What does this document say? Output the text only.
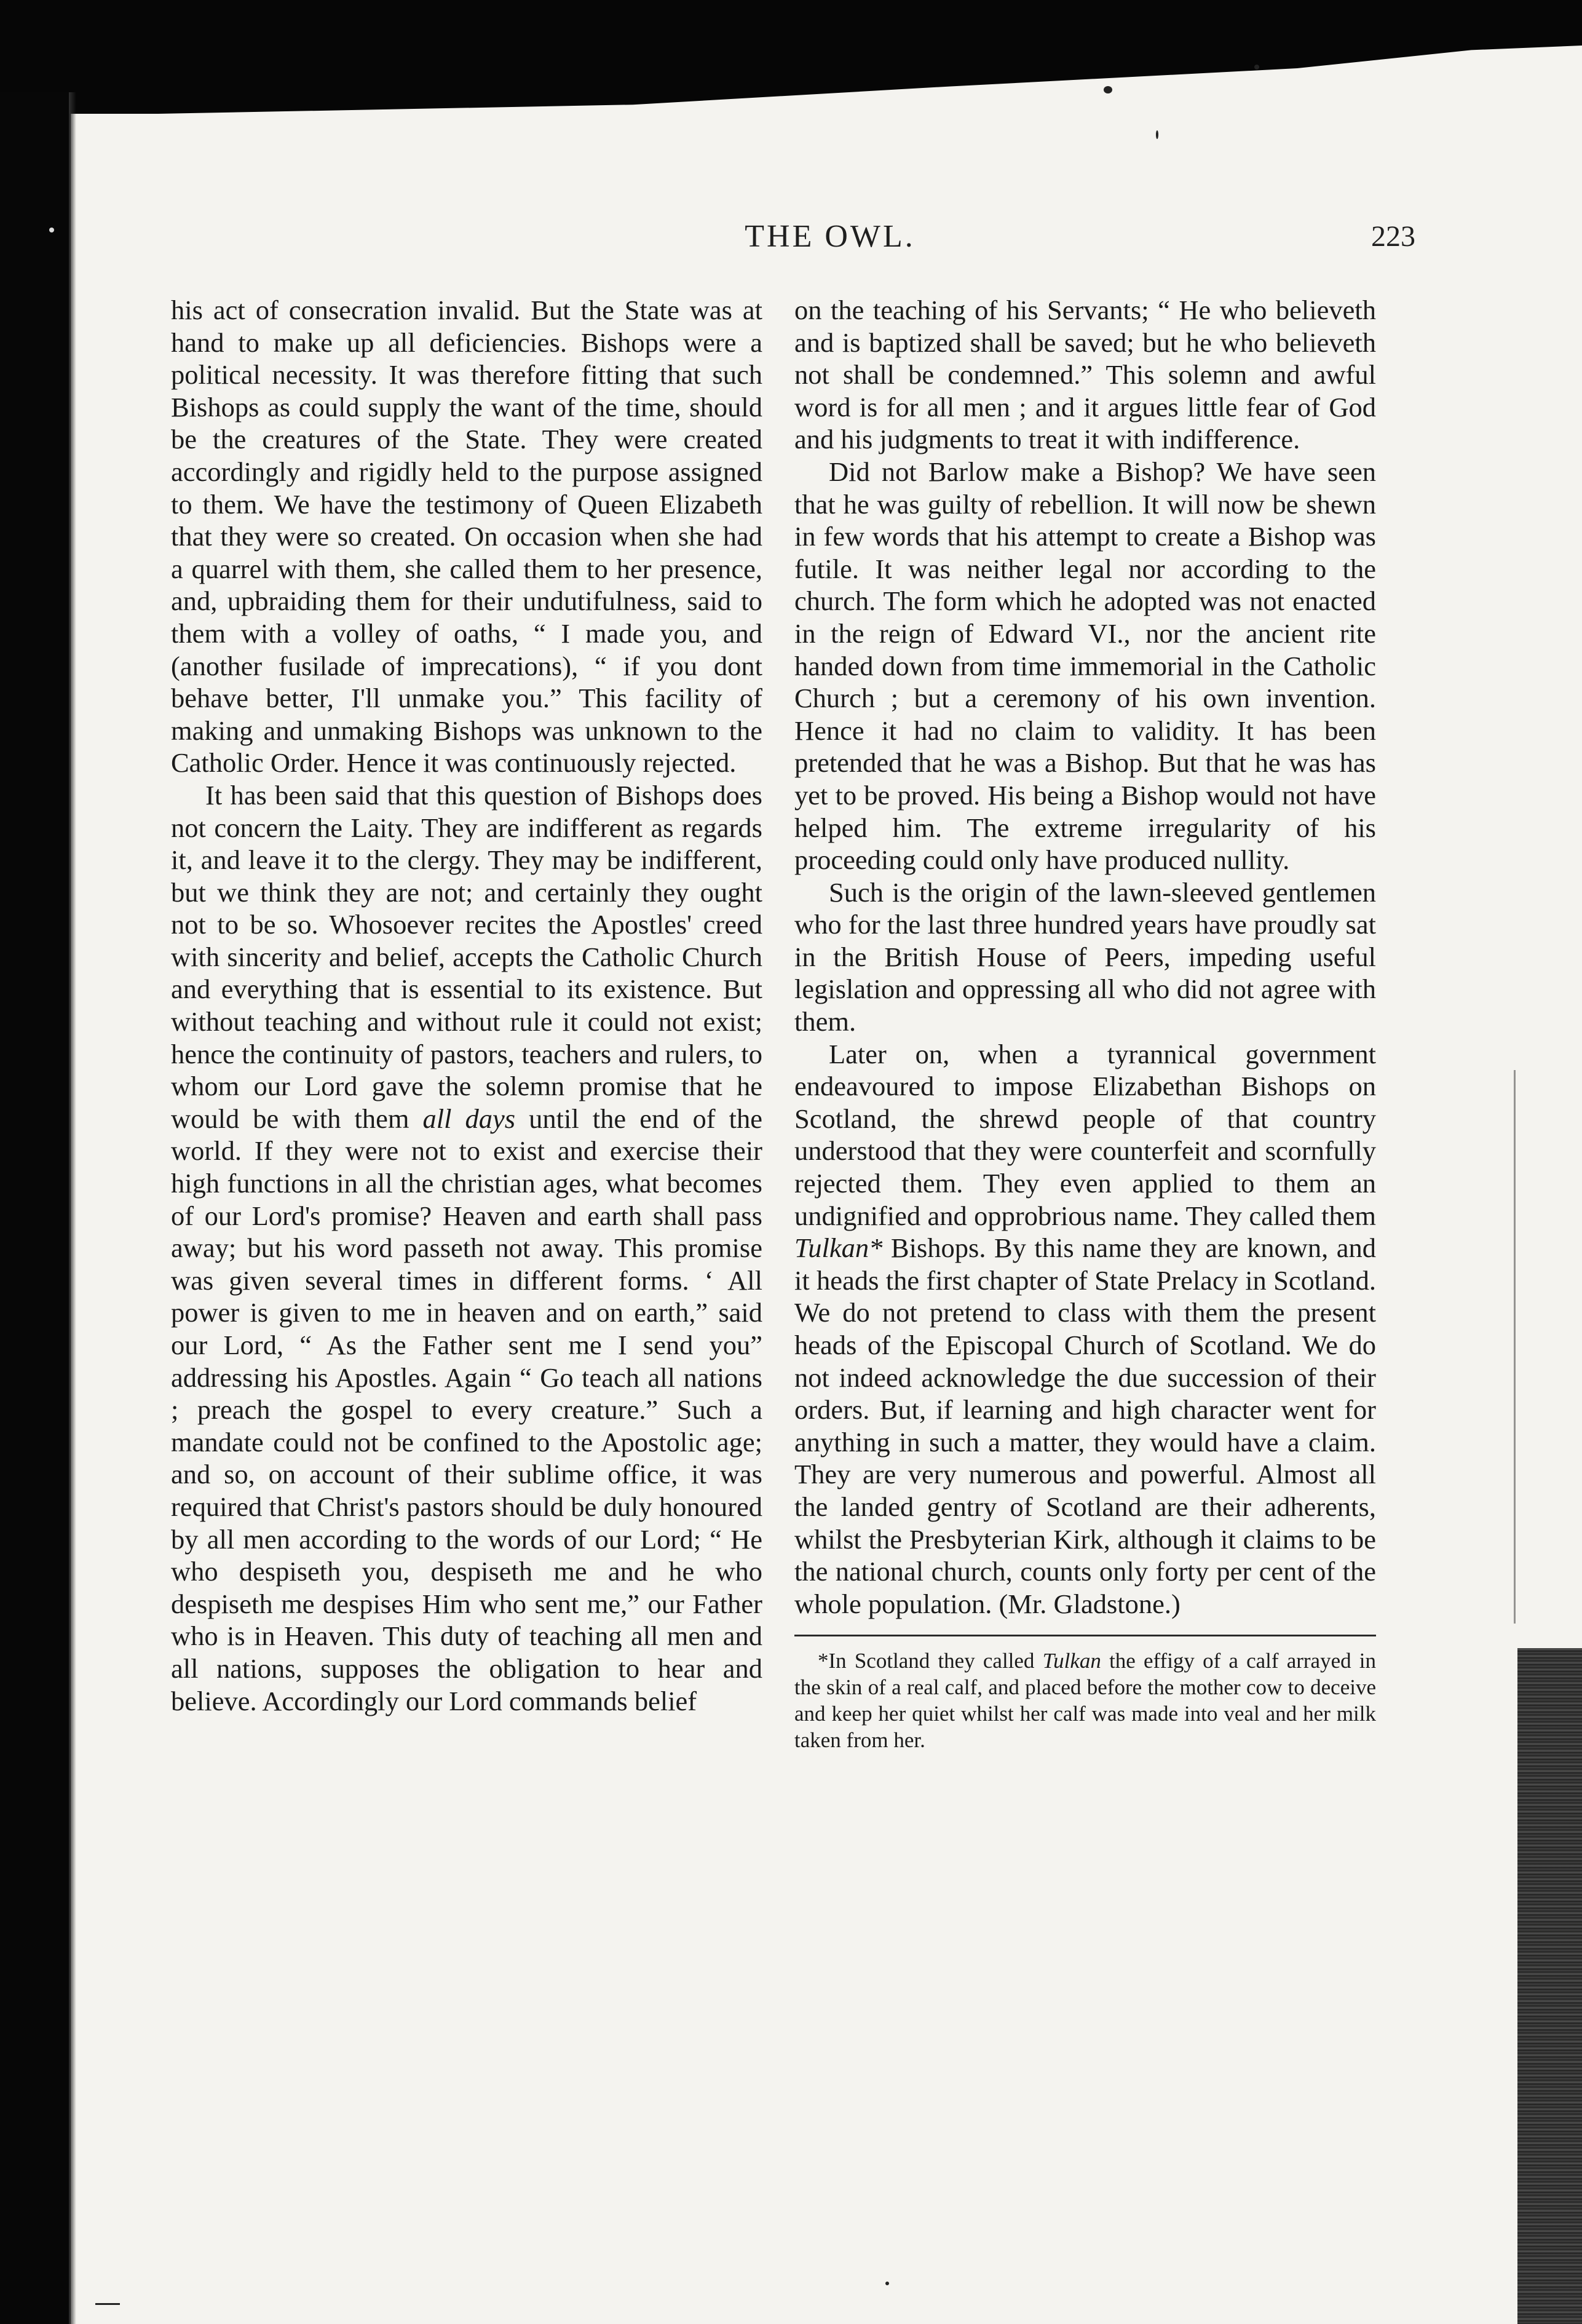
THE OWL.	223

his act of consecration invalid. But the State was at hand to make up all deficiencies. Bishops were a political necessity. It was therefore fitting that such Bishops as could supply the want of the time, should be the creatures of the State. They were created accordingly and rigidly held to the purpose assigned to them. We have the testimony of Queen Elizabeth that they were so created. On occasion when she had a quarrel with them, she called them to her presence, and, upbraiding them for their undutifulness, said to them with a volley of oaths, “ I made you, and (another fusilade of imprecations), “ if you dont behave better, I'll unmake you.” This facility of making and unmaking Bishops was unknown to the Catholic Order. Hence it was continuously rejected.

It has been said that this question of Bishops does not concern the Laity. They are indifferent as regards it, and leave it to the clergy. They may be indifferent, but we think they are not; and certainly they ought not to be so. Whosoever recites the Apostles' creed with sincerity and belief, accepts the Catholic Church and everything that is essential to its existence. But without teaching and without rule it could not exist; hence the continuity of pastors, teachers and rulers, to whom our Lord gave the solemn promise that he would be with them all days until the end of the world. If they were not to exist and exercise their high functions in all the christian ages, what becomes of our Lord's promise? Heaven and earth shall pass away; but his word passeth not away. This promise was given several times in different forms. ‘ All power is given to me in heaven and on earth,” said our Lord, “ As the Father sent me I send you” addressing his Apostles. Again “ Go teach all nations ; preach the gospel to every creature.” Such a mandate could not be confined to the Apostolic age; and so, on account of their sublime office, it was required that Christ's pastors should be duly honoured by all men according to the words of our Lord; “ He who despiseth you, despiseth me and he who despiseth me despises Him who sent me,” our Father who is in Heaven. This duty of teaching all men and all nations, supposes the obligation to hear and believe. Accordingly our Lord commands belief

on the teaching of his Servants; “ He who believeth and is baptized shall be saved; but he who believeth not shall be condemned.” This solemn and awful word is for all men ; and it argues little fear of God and his judgments to treat it with indifference.

Did not Barlow make a Bishop? We have seen that he was guilty of rebellion. It will now be shewn in few words that his attempt to create a Bishop was futile. It was neither legal nor according to the church. The form which he adopted was not enacted in the reign of Edward VI., nor the ancient rite handed down from time immemorial in the Catholic Church ; but a ceremony of his own invention. Hence it had no claim to validity. It has been pretended that he was a Bishop. But that he was has yet to be proved. His being a Bishop would not have helped him. The extreme irregularity of his proceeding could only have produced nullity.

Such is the origin of the lawn-sleeved gentlemen who for the last three hundred years have proudly sat in the British House of Peers, impeding useful legislation and oppressing all who did not agree with them.

Later on, when a tyrannical government endeavoured to impose Elizabethan Bishops on Scotland, the shrewd people of that country understood that they were counterfeit and scornfully rejected them. They even applied to them an undignified and opprobrious name. They called them Tulkan* Bishops. By this name they are known, and it heads the first chapter of State Prelacy in Scotland. We do not pretend to class with them the present heads of the Episcopal Church of Scotland. We do not indeed acknowledge the due succession of their orders. But, if learning and high character went for anything in such a matter, they would have a claim. They are very numerous and powerful. Almost all the landed gentry of Scotland are their adherents, whilst the Presbyterian Kirk, although it claims to be the national church, counts only forty per cent of the whole population. (Mr. Gladstone.)

*In Scotland they called Tulkan the effigy of a calf arrayed in the skin of a real calf, and placed before the mother cow to deceive and keep her quiet whilst her calf was made into veal and her milk taken from her.
